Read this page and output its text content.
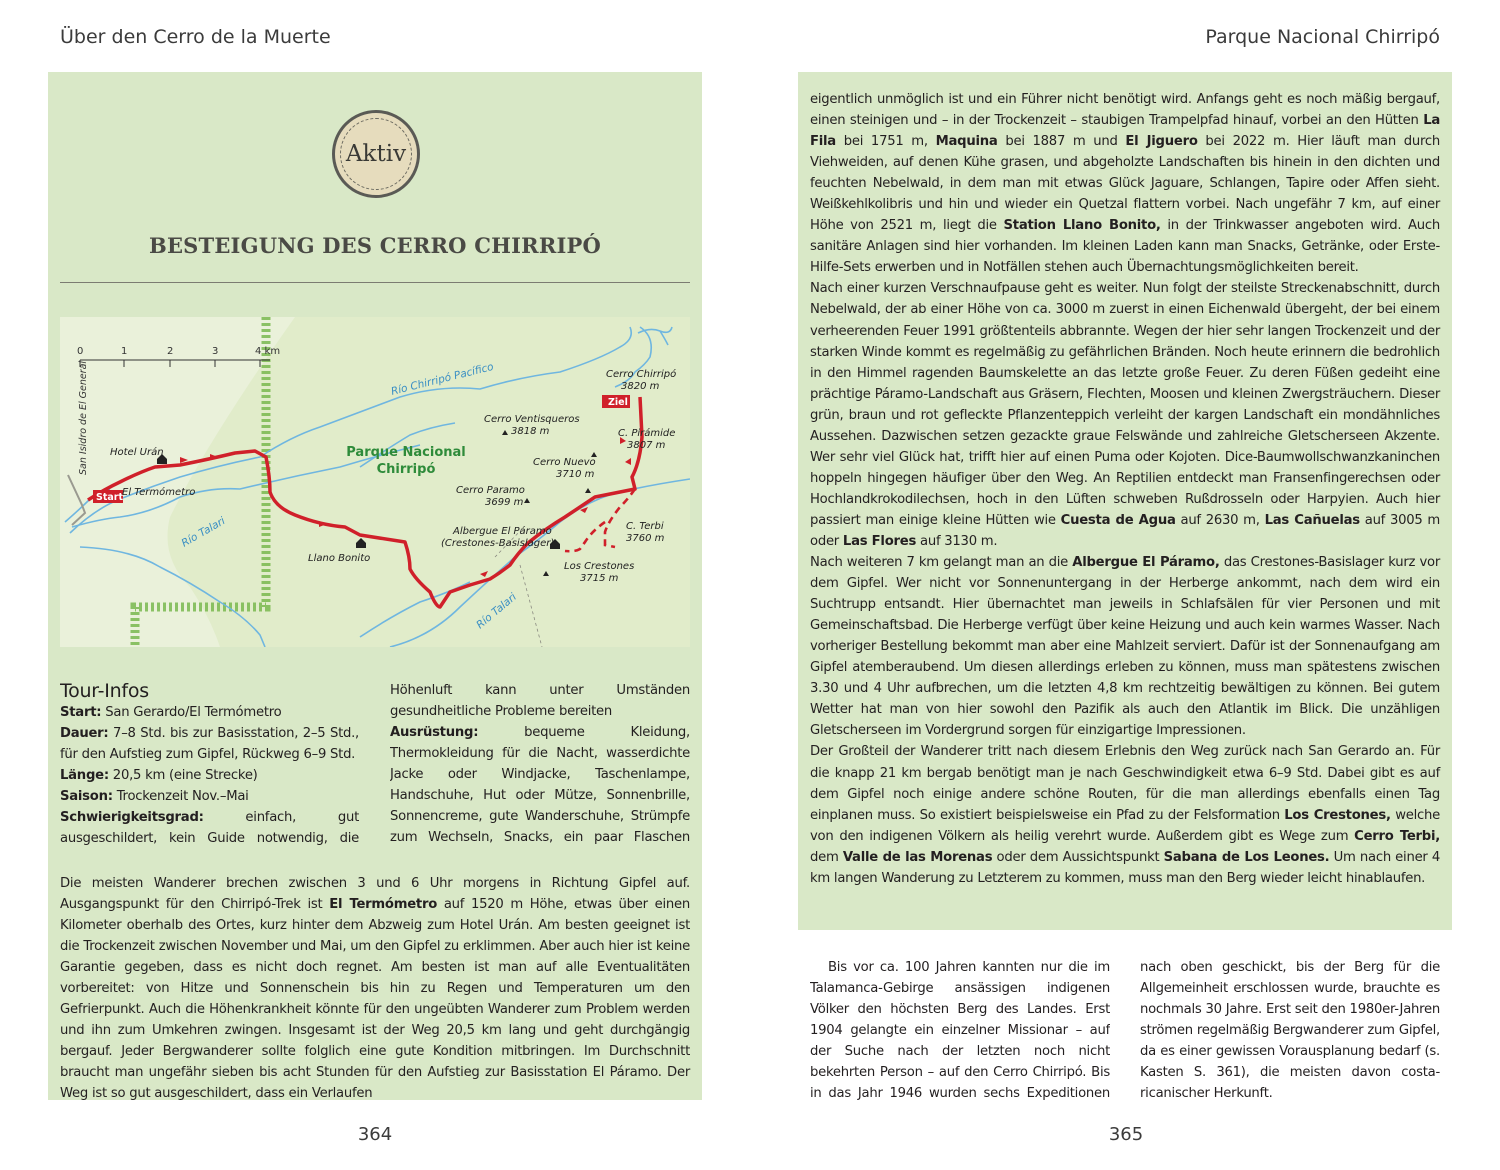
Über den Cerro de la Muerte	Parque Nacional Chirripó
Aktiv
BESTEIGUNG DES CERRO CHIRRIPÓ
0	1	2	3	4 km
San Isidro de El General	Río Chirripó Pacífico
Río Talari
Río Talari
Parque Nacional
Chirripó
Start
Ziel
Hotel Urán
El Termómetro
Llano Bonito
Albergue El Páramo
(Crestones-Basislager)
Los Crestones
3715 m
Cerro Paramo
3699 m
Cerro Ventisqueros
3818 m
Cerro Nuevo
3710 m
Cerro Chirripó
3820 m
C. Pirámide
3807 m
C. Terbi
3760 m
Tour-Infos
Start: San Gerardo/El Termómetro
Dauer: 7–8 Std. bis zur Basisstation, 2–5 Std., für den Aufstieg zum Gipfel, Rückweg 6–9 Std.
Länge: 20,5 km (eine Strecke)
Saison: Trockenzeit Nov.–Mai
Schwierigkeitsgrad:	einfach, gut ausgeschildert, kein Guide notwendig, die
Höhenluft kann unter Umständen gesundheitliche Probleme bereiten
Ausrüstung:	bequeme Kleidung, Thermokleidung für die Nacht, wasserdichte Jacke oder Windjacke, Taschenlampe, Handschuhe, Hut oder Mütze, Sonnenbrille, Sonnencreme, gute Wanderschuhe, Strümpfe zum Wechseln, Snacks, ein paar Flaschen

Die meisten Wanderer brechen zwischen 3 und 6 Uhr morgens in Richtung Gipfel auf. Ausgangspunkt für den Chirripó-Trek ist El Termómetro auf 1520 m Höhe, etwas über einen Kilometer oberhalb des Ortes, kurz hinter dem Abzweig zum Hotel Urán. Am besten geeignet ist die Trockenzeit zwischen November und Mai, um den Gipfel zu erklimmen. Aber auch hier ist keine Garantie gegeben, dass es nicht doch regnet. Am besten ist man auf alle Eventualitäten vorbereitet: von Hitze und Sonnenschein bis hin zu Regen und Temperaturen um den Gefrierpunkt. Auch die Höhenkrankheit könnte für den ungeübten Wanderer zum Problem werden und ihn zum Umkehren zwingen. Insgesamt ist der Weg 20,5 km lang und geht durchgängig bergauf. Jeder Bergwanderer sollte folglich eine gute Kondition mitbringen. Im Durchschnitt braucht man ungefähr sieben bis acht Stunden für den Aufstieg zur Basisstation El Páramo. Der Weg ist so gut ausgeschildert, dass ein Verlaufen

eigentlich unmöglich ist und ein Führer nicht benötigt wird. Anfangs geht es noch mäßig bergauf, einen steinigen und – in der Trockenzeit – staubigen Trampelpfad hinauf, vorbei an den Hütten La Fila bei 1751 m, Maquina bei 1887 m und El Jiguero bei 2022 m. Hier läuft man durch Viehweiden, auf denen Kühe grasen, und abgeholzte Landschaften bis hinein in den dichten und feuchten Nebelwald, in dem man mit etwas Glück Jaguare, Schlangen, Tapire oder Affen sieht. Weißkehlkolibris und hin und wieder ein Quetzal flattern vorbei. Nach ungefähr 7 km, auf einer Höhe von 2521 m, liegt die Station Llano Bonito, in der Trinkwasser angeboten wird. Auch sanitäre Anlagen sind hier vorhanden. Im kleinen Laden kann man Snacks, Getränke, oder Erste-Hilfe-Sets erwerben und in Notfällen stehen auch Übernachtungsmöglichkeiten bereit.

Nach einer kurzen Verschnaufpause geht es weiter. Nun folgt der steilste Streckenabschnitt, durch Nebelwald, der ab einer Höhe von ca. 3000 m zuerst in einen Eichenwald übergeht, der bei einem verheerenden Feuer 1991 größtenteils abbrannte. Wegen der hier sehr langen Trockenzeit und der starken Winde kommt es regelmäßig zu gefährlichen Bränden. Noch heute erinnern die bedrohlich in den Himmel ragenden Baumskelette an das letzte große Feuer. Zu deren Füßen gedeiht eine prächtige Páramo-Landschaft aus Gräsern, Flechten, Moosen und kleinen Zwergsträuchern. Dieser grün, braun und rot gefleckte Pflanzenteppich verleiht der kargen Landschaft ein mondähnliches Aussehen. Dazwischen setzen gezackte graue Felswände und zahlreiche Gletscherseen Akzente. Wer sehr viel Glück hat, trifft hier auf einen Puma oder Kojoten. Dice-Baumwollschwanzkaninchen hoppeln hingegen häufiger über den Weg. An Reptilien entdeckt man Fransenfingerechsen oder Hochlandkrokodilechsen, hoch in den Lüften schweben Rußdrosseln oder Harpyien. Auch hier passiert man einige kleine Hütten wie Cuesta de Agua auf 2630 m, Las Cañuelas auf 3005 m oder Las Flores auf 3130 m.

Nach weiteren 7 km gelangt man an die Albergue El Páramo, das Crestones-Basislager kurz vor dem Gipfel. Wer nicht vor Sonnenuntergang in der Herberge ankommt, nach dem wird ein Suchtrupp entsandt. Hier übernachtet man jeweils in Schlafsälen für vier Personen und mit Gemeinschaftsbad. Die Herberge verfügt über keine Heizung und auch kein warmes Wasser. Nach vorheriger Bestellung bekommt man aber eine Mahlzeit serviert. Dafür ist der Sonnenaufgang am Gipfel atemberaubend. Um diesen allerdings erleben zu können, muss man spätestens zwischen 3.30 und 4 Uhr aufbrechen, um die letzten 4,8 km rechtzeitig bewältigen zu können. Bei gutem Wetter hat man von hier sowohl den Pazifik als auch den Atlantik im Blick. Die unzähligen Gletscherseen im Vordergrund sorgen für einzigartige Impressionen.

Der Großteil der Wanderer tritt nach diesem Erlebnis den Weg zurück nach San Gerardo an. Für die knapp 21 km bergab benötigt man je nach Geschwindigkeit etwa 6–9 Std. Dabei gibt es auf dem Gipfel noch einige andere schöne Routen, für die man allerdings ebenfalls einen Tag einplanen muss. So existiert beispielsweise ein Pfad zu der Felsformation Los Crestones, welche von den indigenen Völkern als heilig verehrt wurde. Außerdem gibt es Wege zum Cerro Terbi, dem Valle de las Morenas oder dem Aussichtspunkt Sabana de Los Leones. Um nach einer 4 km langen Wanderung zu Letzterem zu kommen, muss man den Berg wieder leicht hinablaufen.

Bis vor ca. 100 Jahren kannten nur die im Talamanca-Gebirge ansässigen indigenen Völker den höchsten Berg des Landes. Erst 1904 gelangte ein einzelner Missionar – auf der Suche nach der letzten noch nicht bekehrten Person – auf den Cerro Chirripó. Bis in das Jahr 1946 wurden sechs Expeditionen

nach oben geschickt, bis der Berg für die Allgemeinheit erschlossen wurde, brauchte es nochmals 30 Jahre. Erst seit den 1980er-Jahren strömen regelmäßig Bergwanderer zum Gipfel, da es einer gewissen Vorausplanung bedarf (s. Kasten S. 361), die meisten davon costa-ricanischer Herkunft.

364	365
